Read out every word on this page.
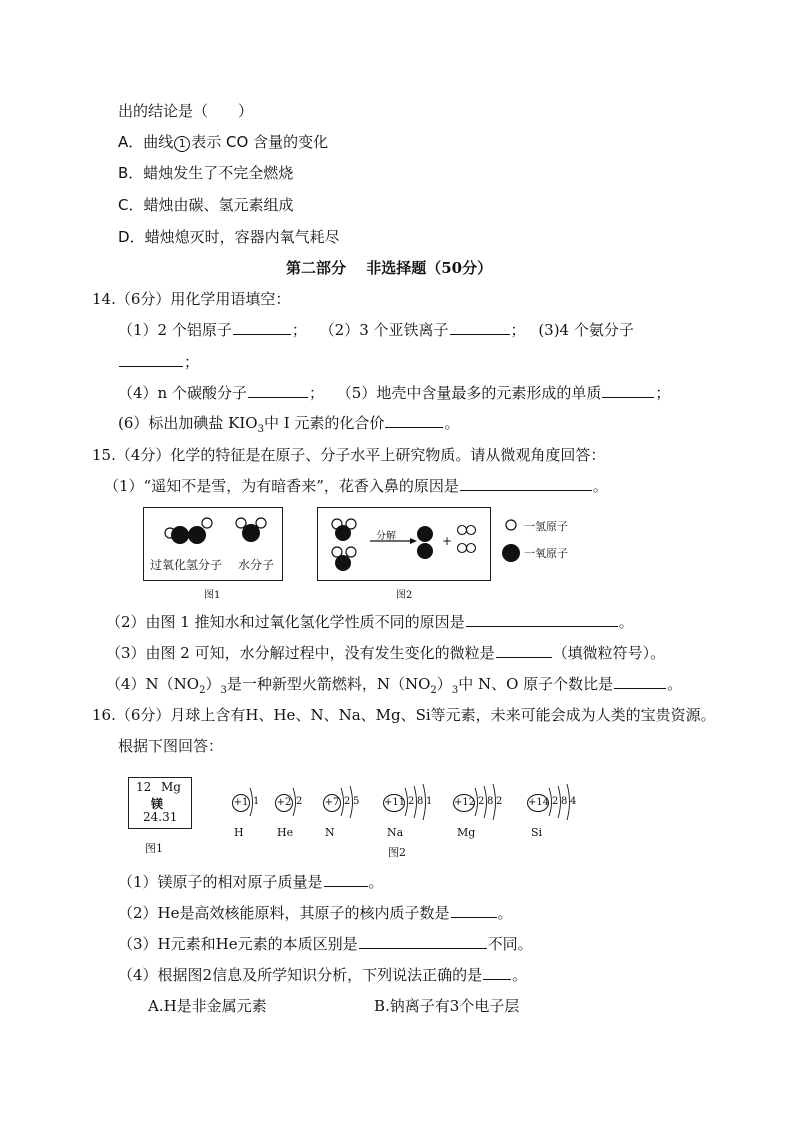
出的结论是（　　）
A．曲线 1 表示 CO 含量的变化
B．蜡烛发生了不完全燃烧
C．蜡烛由碳、氢元素组成
D．蜡烛熄灭时，容器内氧气耗尽
第二部分　 非选择题（50分）
14.（6分）用化学用语填空：
（1）2 个铝原子	； （2）3 个亚铁离子	； (3)4 个氨分子
；
（4）n 个碳酸分子	； （5）地壳中含量最多的元素形成的单质	；
(6）标出加碘盐 $KIO_3$中 I 元素的化合价	。
15.（4分）化学的特征是在原子、分子水平上研究物质。请从微观角度回答：
（1）“遥知不是雪，为有暗香来”，花香入鼻的原因是	。
过氧化氢分子 水分子
图1
分解	+
图2
一氢原子
一氧原子
（2）由图 1 推知水和过氧化氢化学性质不同的原因是	。
（3）由图 2 可知，水分解过程中，没有发生变化的微粒是	（填微粒符号）。
$(4)N(NO_2)_3$是一种新型火箭燃料，$N(NO_2)_3$中 N、O 原子个数比是	。
16.（6分）月球上含有H、He、N、Na、Mg、Si等元素，未来可能会成为人类的宝贵资源。
根据下图回答：
12 Mg
镁
24.31
图1
+1 1
H
+2 2
He
+7 2 5
N
+11 2 8 1
Na
+12 2 8 2
Mg
+14 2 8 4
Si
图2
（1）镁原子的相对原子质量是	。
（2）He是高效核能原料，其原子的核内质子数是	。
（3）H元素和He元素的本质区别是	不同。
（4）根据图2信息及所学知识分析，下列说法正确的是 。
A.H是非金属元素	B.钠离子有3个电子层
